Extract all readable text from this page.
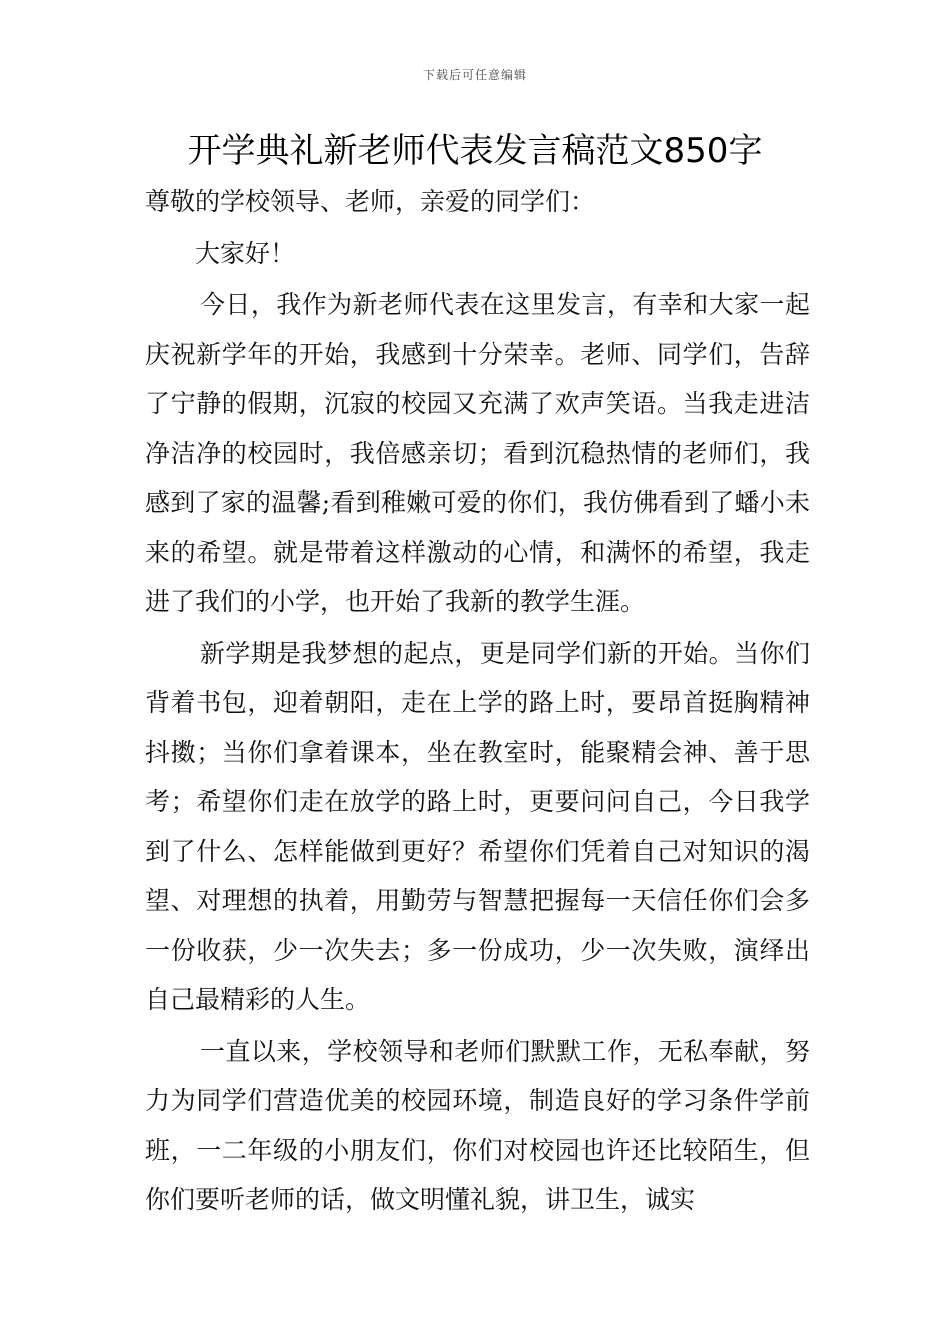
下载后可任意编辑
开学典礼新老师代表发言稿范文850字

尊敬的学校领导、老师，亲爱的同学们：

大家好！

今日，我作为新老师代表在这里发言，有幸和大家一起庆祝新学年的开始，我感到十分荣幸。老师、同学们，告辞了宁静的假期，沉寂的校园又充满了欢声笑语。当我走进洁净洁净的校园时，我倍感亲切；看到沉稳热情的老师们，我感到了家的温馨;看到稚嫩可爱的你们，我仿佛看到了蟠小未来的希望。就是带着这样激动的心情，和满怀的希望，我走进了我们的小学，也开始了我新的教学生涯。

新学期是我梦想的起点，更是同学们新的开始。当你们背着书包，迎着朝阳，走在上学的路上时，要昂首挺胸精神抖擞；当你们拿着课本，坐在教室时，能聚精会神、善于思考；希望你们走在放学的路上时，更要问问自己，今日我学到了什么、怎样能做到更好？希望你们凭着自己对知识的渴望、对理想的执着，用勤劳与智慧把握每一天信任你们会多一份收获，少一次失去；多一份成功，少一次失败，演绎出自己最精彩的人生。

一直以来，学校领导和老师们默默工作，无私奉献，努力为同学们营造优美的校园环境，制造良好的学习条件学前班，一二年级的小朋友们，你们对校园也许还比较陌生，但你们要听老师的话，做文明懂礼貌，讲卫生，诚实
